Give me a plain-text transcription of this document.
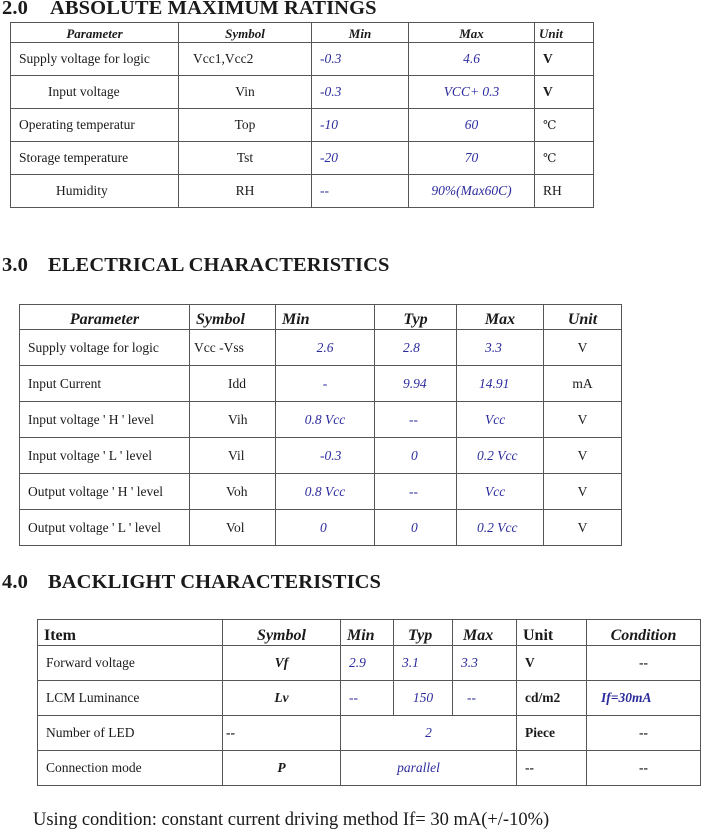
2.0 ABSOLUTE MAXIMUM RATINGS
Parameter	Symbol	Min	Max	Unit
Supply voltage for logic	Vcc1,Vcc2	-0.3	4.6	V
Input voltage	Vin	-0.3	VCC+ 0.3	V
Operating temperatur	Top	-10	60	℃
Storage temperature	Tst	-20	70	℃
Humidity	RH	--	90%(Max60C)	RH
3.0 ELECTRICAL CHARACTERISTICS
Parameter	Symbol	Min	Typ	Max	Unit
Supply voltage for logic	Vcc -Vss	2.6	2.8	3.3	V
Input Current	Idd	-	9.94	14.91	mA
Input voltage ' H ' level	Vih	0.8 Vcc	--	Vcc	V
Input voltage ' L ' level	Vil	-0.3	0	0.2 Vcc	V
Output voltage ' H ' level	Voh	0.8 Vcc	--	Vcc	V
Output voltage ' L ' level	Vol	0	0	0.2 Vcc	V
4.0 BACKLIGHT CHARACTERISTICS
Item	Symbol	Min	Typ	Max	Unit	Condition
Forward voltage	Vf	2.9	3.1	3.3	V	--
LCM Luminance	Lv	--	150	--	cd/m2	If=30mA
Number of LED	--	2			Piece	--
Connection mode	P	parallel			--	--
Using condition: constant current driving method If= 30 mA(+/-10%)
